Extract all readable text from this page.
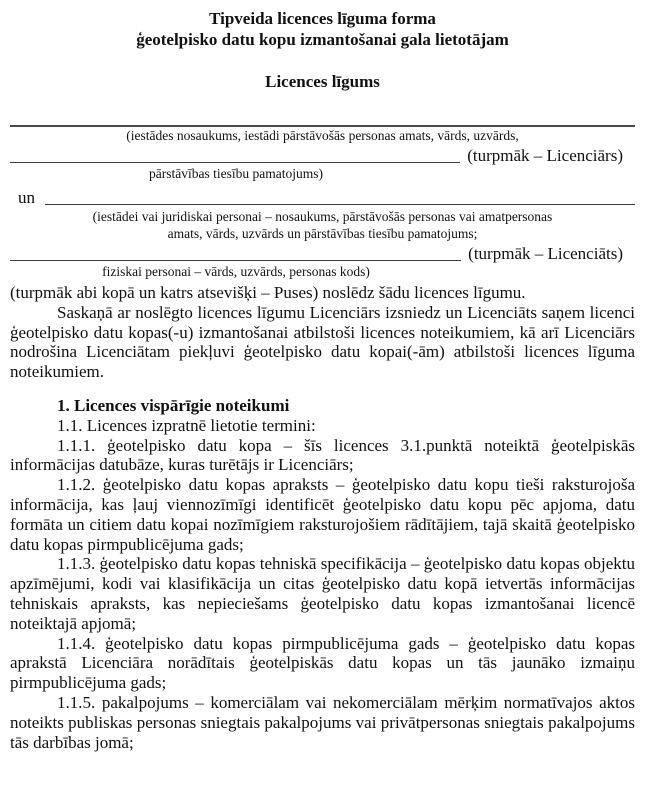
Tipveida licences līguma forma
ģeotelpisko datu kopu izmantošanai gala lietotājam
Licences līgums
(iestādes nosaukums, iestādi pārstāvošās personas amats, vārds, uzvārds,
(turpmāk – Licenciārs)
pārstāvības tiesību pamatojums)
un
(iestādei vai juridiskai personai – nosaukums, pārstāvošās personas vai amatpersonas
amats, vārds, uzvārds un pārstāvības tiesību pamatojums;
(turpmāk – Licenciāts)
fiziskai personai – vārds, uzvārds, personas kods)

(turpmāk abi kopā un katrs atsevišķi – Puses) noslēdz šādu licences līgumu.

Saskaņā ar noslēgto licences līgumu Licenciārs izsniedz un Licenciāts saņem licenci ģeotelpisko datu kopas(-u) izmantošanai atbilstoši licences noteikumiem, kā arī Licenciārs nodrošina Licenciātam piekļuvi ģeotelpisko datu kopai(-ām) atbilstoši licences līguma noteikumiem.

1. Licences vispārīgie noteikumi

1.1. Licences izpratnē lietotie termini:

1.1.1. ģeotelpisko datu kopa – šīs licences 3.1.punktā noteiktā ģeotelpiskās informācijas datubāze, kuras turētājs ir Licenciārs;

1.1.2. ģeotelpisko datu kopas apraksts – ģeotelpisko datu kopu tieši raksturojoša informācija, kas ļauj viennozīmīgi identificēt ģeotelpisko datu kopu pēc apjoma, datu formāta un citiem datu kopai nozīmīgiem raksturojošiem rādītājiem, tajā skaitā ģeotelpisko datu kopas pirmpublicējuma gads;

1.1.3. ģeotelpisko datu kopas tehniskā specifikācija – ģeotelpisko datu kopas objektu apzīmējumi, kodi vai klasifikācija un citas ģeotelpisko datu kopā ietvertās informācijas tehniskais apraksts, kas nepieciešams ģeotelpisko datu kopas izmantošanai licencē noteiktajā apjomā;

1.1.4. ģeotelpisko datu kopas pirmpublicējuma gads – ģeotelpisko datu kopas aprakstā Licenciāra norādītais ģeotelpiskās datu kopas un tās jaunāko izmaiņu pirmpublicējuma gads;

1.1.5. pakalpojums – komerciālam vai nekomerciālam mērķim normatīvajos aktos noteikts publiskas personas sniegtais pakalpojums vai privātpersonas sniegtais pakalpojums tās darbības jomā;
